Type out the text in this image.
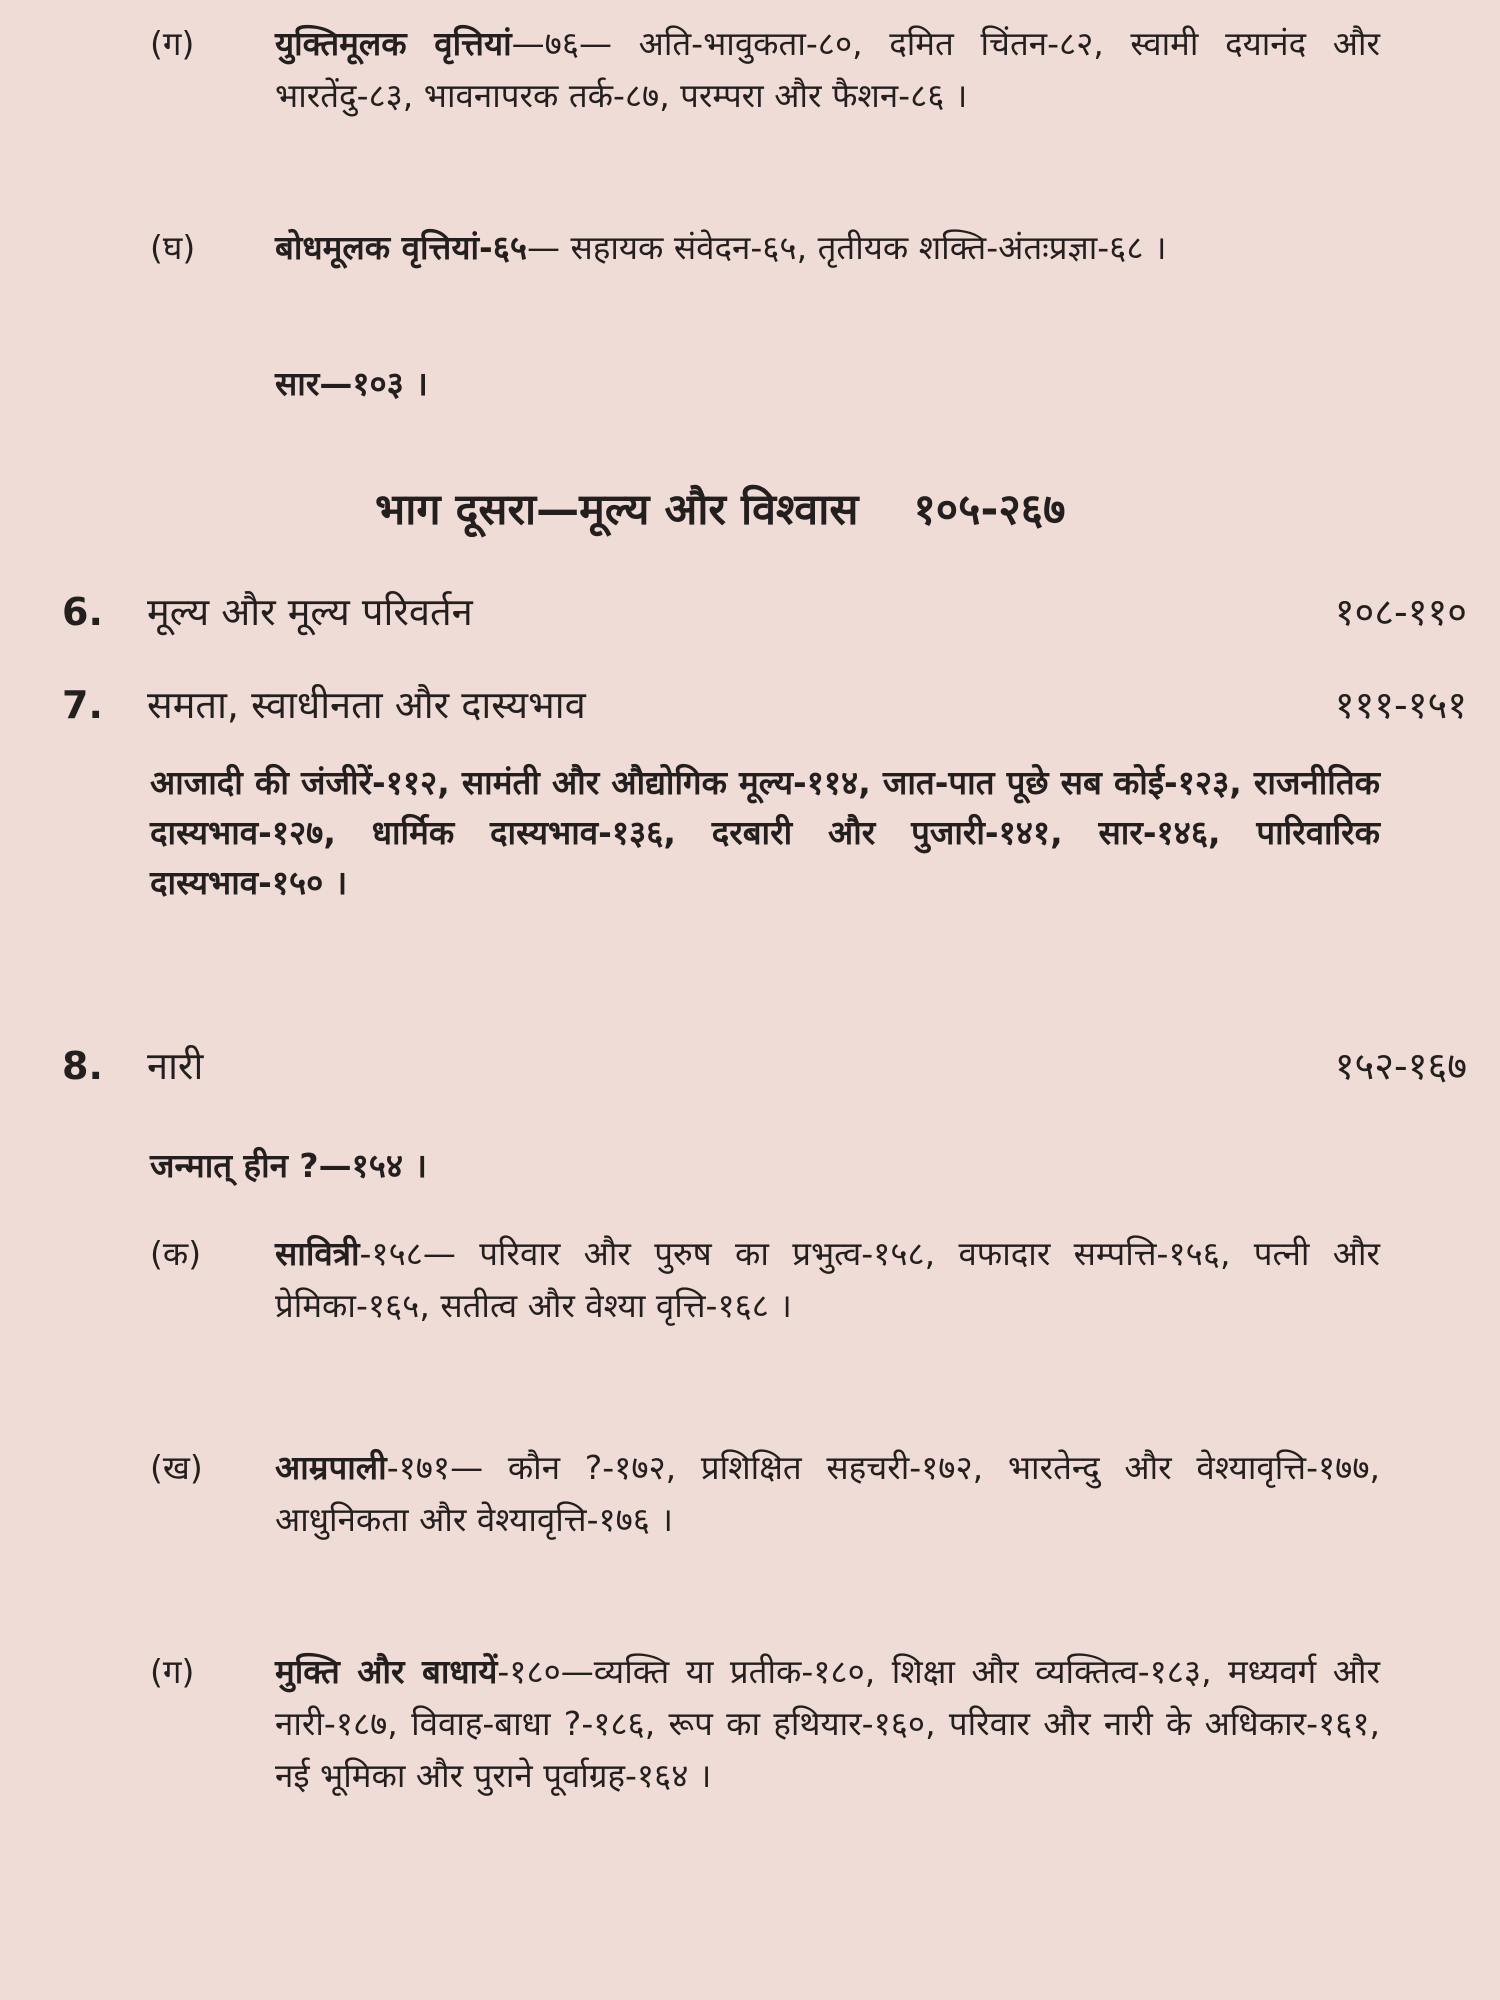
(ग) युक्तिमूलक वृत्तियां—७६— अति-भावुकता-८०, दमित चिंतन-८२, स्वामी दयानंद और भारतेंदु-८३, भावनापरक तर्क-८७, परम्परा और फैशन-८६ ।
(घ) बोधमूलक वृत्तियां-६५— सहायक संवेदन-६५, तृतीयक शक्ति-अंतःप्रज्ञा-६८ ।
सार—१०३ ।
भाग दूसरा—मूल्य और विश्वास १०५-२६७
6. मूल्य और मूल्य परिवर्तन	१०८-११०
7. समता, स्वाधीनता और दास्यभाव	१११-१५१
आजादी की जंजीरें-११२, सामंती और औद्योगिक मूल्य-११४, जात-पात पूछे सब कोई-१२३, राजनीतिक दास्यभाव-१२७, धार्मिक दास्यभाव-१३६, दरबारी और पुजारी-१४१, सार-१४६, पारिवारिक दास्यभाव-१५० ।
8. नारी	१५२-१६७
जन्मात् हीन ?—१५४ ।
(क) सावित्री-१५८— परिवार और पुरुष का प्रभुत्व-१५८, वफादार सम्पत्ति-१५६, पत्नी और प्रेमिका-१६५, सतीत्व और वेश्या वृत्ति-१६८ ।
(ख) आम्रपाली-१७१— कौन ?-१७२, प्रशिक्षित सहचरी-१७२, भारतेन्दु और वेश्यावृत्ति-१७७, आधुनिकता और वेश्यावृत्ति-१७६ ।
(ग) मुक्ति और बाधायें-१८०—व्यक्ति या प्रतीक-१८०, शिक्षा और व्यक्तित्व-१८३, मध्यवर्ग और नारी-१८७, विवाह-बाधा ?-१८६, रूप का हथियार-१६०, परिवार और नारी के अधिकार-१६१, नई भूमिका और पुराने पूर्वाग्रह-१६४ ।
